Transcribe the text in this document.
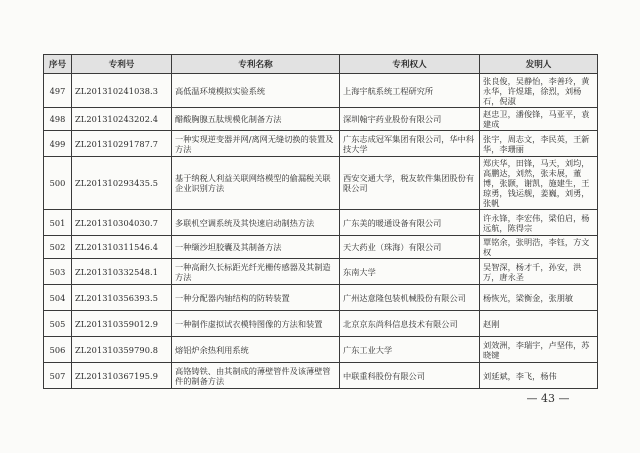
序号	专利号	专利名称	专利权人	发明人
497	ZL201310241038.3	高低温环境模拟实验系统	上海宇航系统工程研究所	张良俊，吴静怡，李善玲，黄永华，许煜雄，徐烈，刘杨石，倪淑
498	ZL201310243202.4	醋酸胸腺五肽规模化制备方法	深圳翰宇药业股份有限公司	赵忠卫，潘俊锋，马亚平，袁建成
499	ZL201310291787.7	一种实现逆变器并网/离网无缝切换的装置及方法	广东志成冠军集团有限公司，华中科技大学	张宇，周志文，李民英，王新华，李珊丽
500	ZL201310293435.5	基于纳税人利益关联网络模型的偷漏税关联企业识别方法	西安交通大学，税友软件集团股份有限公司	郑庆华，田锋，马天，刘均，高鹏达，刘然，张未展，董博，张颢，谢凯，施建生，王琼勇，钱运舰，姜巍，刘勇，张帆
501	ZL201310304030.7	多联机空调系统及其快速启动制热方法	广东美的暖通设备有限公司	许永锋，李宏伟，梁伯启，杨远航，陈得宗
502	ZL201310311546.4	一种缬沙坦胶囊及其制备方法	天大药业（珠海）有限公司	覃铭余，张明浩，李钰，方文权
503	ZL201310332548.1	一种高耐久长标距光纤光栅传感器及其制造方法	东南大学	吴智深，杨才千，孙安，洪万，唐永圣
504	ZL201310356393.5	一种分配器内轴结构的防转装置	广州达意隆包装机械股份有限公司	杨恢光，梁衡金，张朋敏
505	ZL201310359012.9	一种制作虚拟试衣模特图像的方法和装置	北京京东尚科信息技术有限公司	赵刚
506	ZL201310359790.8	熔铝炉余热利用系统	广东工业大学	刘效洲，李瑞宇，卢坚伟，苏晓键
507	ZL201310367195.9	高铬铸铁、由其制成的薄壁管件及该薄壁管件的制备方法	中联重科股份有限公司	刘延斌，李飞，杨伟
— 43 —
